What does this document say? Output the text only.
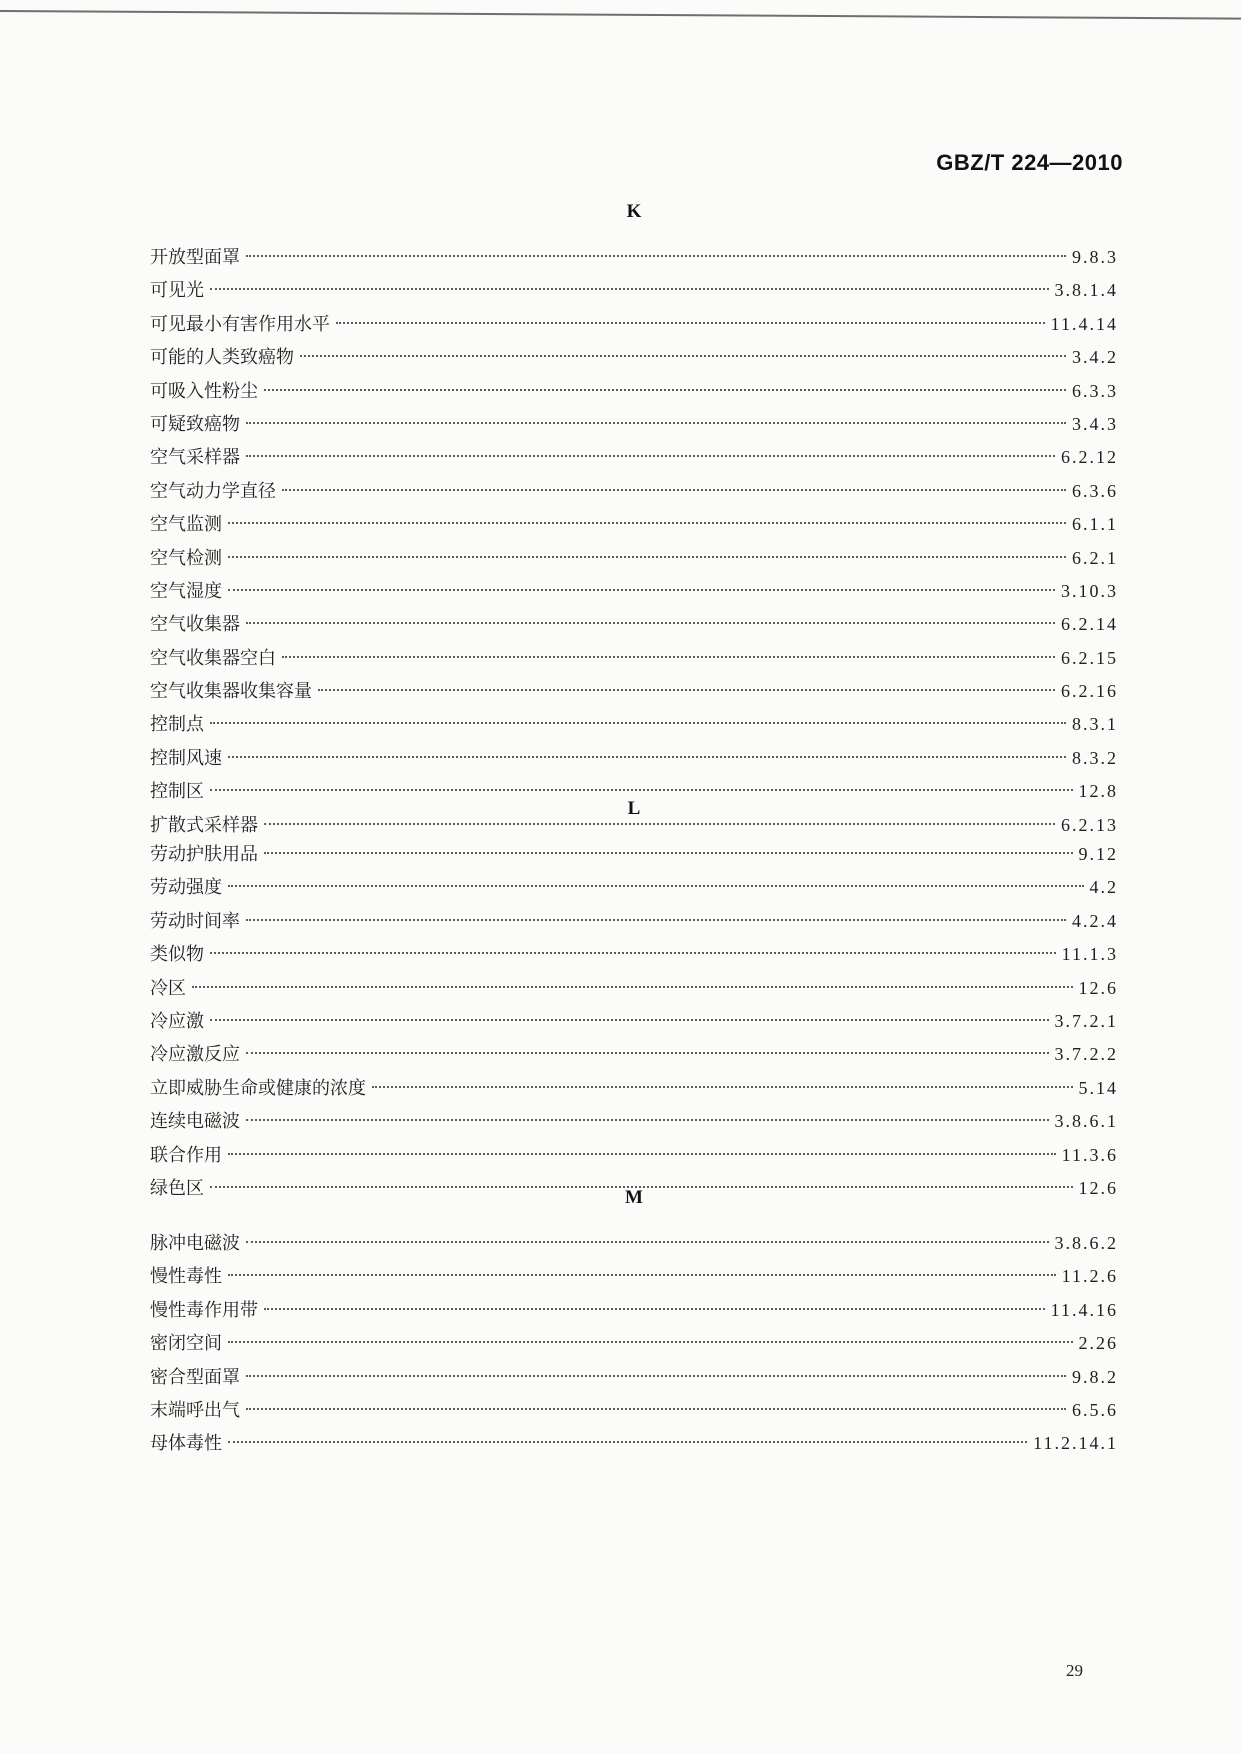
GBZ/T 224—2010
K
开放型面罩	9.8.3
可见光	3.8.1.4
可见最小有害作用水平	11.4.14
可能的人类致癌物	3.4.2
可吸入性粉尘	6.3.3
可疑致癌物	3.4.3
空气采样器	6.2.12
空气动力学直径	6.3.6
空气监测	6.1.1
空气检测	6.2.1
空气湿度	3.10.3
空气收集器	6.2.14
空气收集器空白	6.2.15
空气收集器收集容量	6.2.16
控制点	8.3.1
控制风速	8.3.2
控制区	12.8
扩散式采样器	6.2.13
L
劳动护肤用品	9.12
劳动强度	4.2
劳动时间率	4.2.4
类似物	11.1.3
冷区	12.6
冷应激	3.7.2.1
冷应激反应	3.7.2.2
立即威胁生命或健康的浓度	5.14
连续电磁波	3.8.6.1
联合作用	11.3.6
绿色区	12.6
M
脉冲电磁波	3.8.6.2
慢性毒性	11.2.6
慢性毒作用带	11.4.16
密闭空间	2.26
密合型面罩	9.8.2
末端呼出气	6.5.6
母体毒性	11.2.14.1
29
